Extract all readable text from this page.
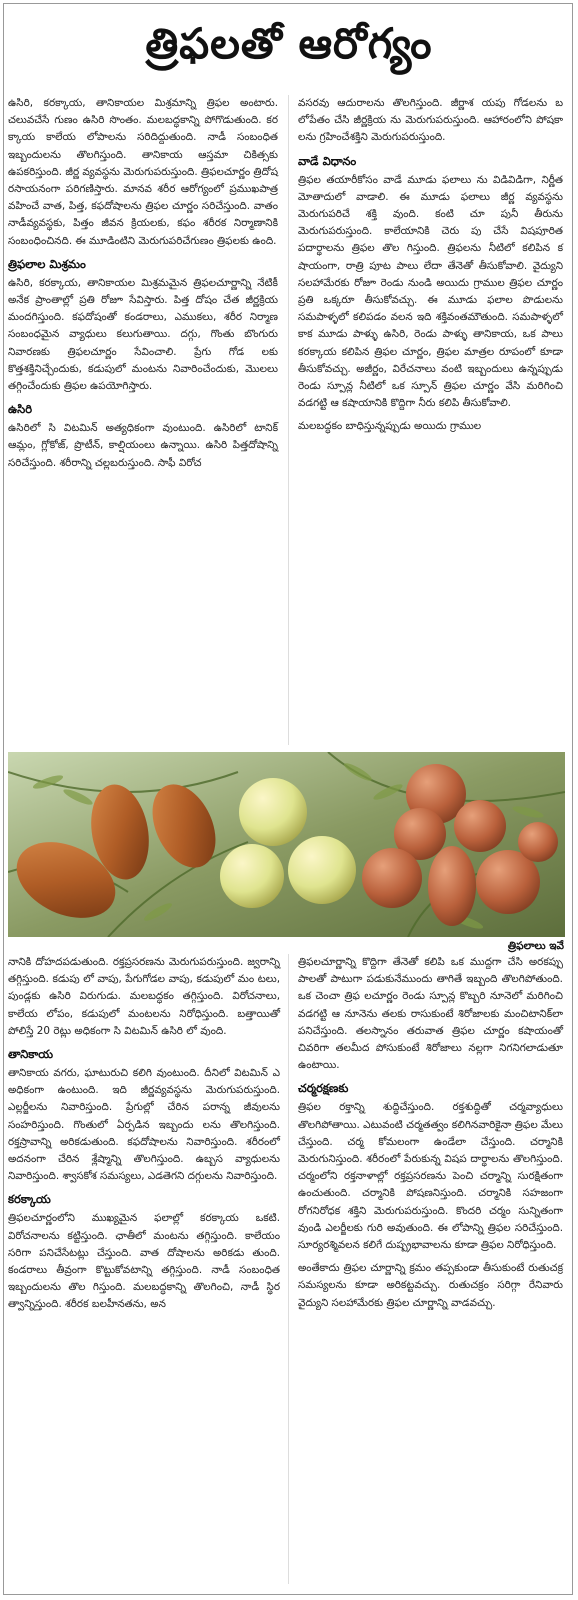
త్రిఫలతో ఆరోగ్యం

ఉసిరి, కరక్కాయ, తానికాయల మిశ్రమాన్ని త్రిఫల అంటారు. చలువచేసే గుణం ఉసిరి సొంతం. మలబద్ధకాన్ని పోగొడుతుంది. కర క్కాయ కాలేయ లోపాలను సరిదిద్దుతుంది. నాడీ సంబంధిత ఇబ్బందులను తొలగిస్తుంది. తానికాయ ఆస్తమా చికిత్సకు ఉపకరిస్తుంది. జీర్ణ వ్యవస్థను మెరుగుపరుస్తుంది. త్రిఫలచూర్ణం త్రిదోష రసాయనంగా పరిగణిస్తారు. మానవ శరీర ఆరోగ్యంలో ప్రముఖపాత్ర వహించే వాత, పిత్త, కఫదోషాలను త్రిఫల చూర్ణం సరిచేస్తుంది. వాతం నాడీవ్యవస్థకు, పిత్తం జీవన క్రియలకు, కఫం శరీరక నిర్మాణానికి సంబంధించినది. ఈ మూడింటిని మెరుగుపరిచేగుణం త్రిఫలకు ఉంది.

త్రిఫలాల మిశ్రమం

ఉసిరి, కరక్కాయ, తానికాయల మిశ్రమమైన త్రిఫలచూర్ణాన్ని నేటికీ అనేక ప్రాంతాల్లో ప్రతి రోజూ సేవిస్తారు. పిత్త దోషం చేత జీర్ణక్రియ మందగిస్తుంది. కఫదోషంతో కండరాలు, ఎముకలు, శరీర నిర్మాణ సంబంధమైన వ్యాధులు కలుగుతాయి. దగ్గు, గొంతు బొంగురు నివారణకు త్రిఫలచూర్ణం సేవించాలి. ప్రేగు గోడ లకు కొత్తశక్తినిచ్చేందుకు, కడుపులో మంటను నివారించేందుకు, మొలలు తగ్గించేందుకు త్రిఫల ఉపయోగిస్తారు.

ఉసిరి

ఉసిరిలో సి విటమిన్ అత్యధికంగా వుంటుంది. ఉసిరిలో టానిక్ ఆమ్లం, గ్లోకోజ్, ప్రొటీన్, కాల్షియంలు ఉన్నాయి. ఉసిరి పిత్తదోషాన్ని సరిచేస్తుంది. శరీరాన్ని చల్లబరుస్తుంది. సాఫీ విరోచ

వసరవు ఆదురాలను తొలగిస్తుంది. జీర్ణాశ యపు గోడలను బ లోపేతం చేసి జీర్ణక్రియ ను మెరుగుపరుస్తుంది. ఆహారంలోని పోషకా లను గ్రహించేశక్తిని మెరుగుపరుస్తుంది.

వాడే విధానం

త్రిఫల తయారీకోసం వాడే మూడు ఫలాలు ను విడివిడిగా, నిర్ణీత మోతాదులో వాడాలి. ఈ మూడు ఫలాలు జీర్ణ వ్యవస్థను మెరుగుపరిచే శక్తి వుంది. కంటి చూ పునీ తీరును మెరుగుపరుస్తుంది. కాలేయానికి చెరు పు చేసే విషపూరిత పదార్థాలను త్రిఫల తొల గిస్తుంది. త్రిఫలను నీటిలో కలిపిన క షాయంగా, రాత్రి పూట పాలు లేదా తేనెతో తీసుకోవాలి. వైద్యుని సలహామేరకు రోజూ రెండు నుండి అయిదు గ్రాముల త్రిఫల చూర్ణం ప్రతి ఒక్కరూ తీసుకోవచ్చు. ఈ మూడు ఫలాల పొడులను సమపాళ్ళలో కలిపడం వలన ఇది శక్తివంతమౌతుంది. సమపాళ్ళలో కాక మూడు పాళ్ళు ఉసిరి, రెండు పాళ్ళు తానికాయ, ఒక పాలు కరక్కాయ కలిపిన త్రిఫల చూర్ణం, త్రిఫల మాత్రల రూపంలో కూడా తీసుకోవచ్చు. అజీర్ణం, విరేచనాలు వంటి ఇబ్బందులు ఉన్నప్పుడు రెండు స్పూన్ల నీటిలో ఒక స్పూన్ త్రిఫల చూర్ణం వేసి మరిగించి వడగట్టి ఆ కషాయానికి కొద్దిగా నీరు కలిపి తీసుకోవాలి.

మలబద్ధకం బాధిస్తున్నప్పుడు అయిదు గ్రాముల

త్రిఫలాలు ఇవే

నానికి దోహదపడుతుంది. రక్తప్రసరణను మెరుగుపరుస్తుంది. జ్వరాన్ని తగ్గిస్తుంది. కడుపు లో వాపు, పేగుగోడల వాపు, కడుపులో మం టలు, పుండ్లకు ఉసిరి విరుగుడు. మలబద్ధకం తగ్గిస్తుంది. విరోచనాలు, కాలేయ లోపం, కడుపులో మంటలను నిరోధిస్తుంది. బత్తాయితో పోలిస్తే 20 రెట్లు అధికంగా సి విటమిన్ ఉసిరి లో వుంది.

తానికాయ

తానికాయ వగరు, ఘాటురుచి కలిగి వుంటుంది. దీనిలో విటమిన్ ఎ అధికంగా ఉంటుంది. ఇది జీర్ణవ్యవస్థను మెరుగుపరుస్తుంది. ఎల్లర్జీలను నివారిస్తుంది. ప్రేగుల్లో చేరిన పరాన్న జీవులను సంహరిస్తుంది. గొంతులో ఏర్పడిన ఇబ్బందు లను తొలగిస్తుంది. రక్తస్రావాన్ని అరికడుతుంది. కఫదోషాలను నివారిస్తుంది. శరీరంలో అదనంగా చేరిన శ్లేష్మాన్ని తొలగిస్తుంది. ఉబ్బస వ్యాధులను నివారిస్తుంది. శ్వాసకోశ సమస్యలు, ఎడతెగని దగ్గులను నివారిస్తుంది.

కరక్కాయ

త్రిఫలచూర్ణంలోని ముఖ్యమైన ఫలాల్లో కరక్కాయ ఒకటి. విరోచనాలను కట్టిస్తుంది. ఛాతీలో మంటను తగ్గిస్తుంది. కాలేయం సరిగా పనిచేసేటట్లు చేస్తుంది. వాత దోషాలను అరికడు తుంది. కండరాలు తీవ్రంగా కొట్టుకోవటాన్ని తగ్గిస్తుంది. నాడీ సంబంధిత ఇబ్బందులను తొల గిస్తుంది. మలబద్ధకాన్ని తొలగించి, నాడీ స్థిర త్వాన్నిస్తుంది. శరీరక బలహీనతను, అన

త్రిఫలచూర్ణాన్ని కొద్దిగా తేనెతో కలిపి ఒక ముద్దగా చేసి అరకప్పు పాలతో పాటుగా పడుకునేముందు తాగితే ఇబ్బంది తొలగిపోతుంది. ఒక చెంచా త్రిఫ లచూర్ణం రెండు స్పూన్ల కొబ్బరి నూనెలో మరిగించి వడగట్టి ఆ నూనెను తలకు రాసుకుంటే శిరోజాలకు మంచిటానిక్‌లా పనిచేస్తుంది. తలస్నానం తరువాత త్రిఫల చూర్ణం కషాయంతో చివరిగా తలమీద పోసుకుంటే శిరోజాలు నల్లగా నిగనిగలాడుతూ ఉంటాయి.

చర్మరక్షణకు

త్రిఫల రక్తాన్ని శుద్ధిచేస్తుంది. రక్తశుద్ధితో చర్మవ్యాధులు తొలగిపోతాయి. ఎటువంటి చర్మతత్వం కలిగినవారికైనా త్రిఫల మేలు చేస్తుంది. చర్మ కోమలంగా ఉండేలా చేస్తుంది. చర్మానికి మెరుగునిస్తుంది. శరీరంలో పేరుకున్న విషప దార్థాలను తొలగిస్తుంది. చర్మంలోని రక్తనాళాల్లో రక్తప్రసరణను పెంచి చర్మాన్ని సురక్షితంగా ఉంచుతుంది. చర్మానికి పోషణనిస్తుంది. చర్మానికి సహజంగా రోగనిరోధక శక్తిని మెరుగుపరుస్తుంది. కొందరి చర్మం సున్నితంగా వుండి ఎలర్జీలకు గురి అవుతుంది. ఈ లోపాన్ని త్రిఫల సరిచేస్తుంది. సూర్యరశ్మివలన కలిగే దుష్ప్రభావాలను కూడా త్రిఫల నిరోధిస్తుంది.

అంతేకాదు త్రిఫల చూర్ణాన్ని క్రమం తప్పకుండా తీసుకుంటే రుతుచక్ర సమస్యలను కూడా అరికట్టవచ్చు. రుతుచక్రం సరిగ్గా రేనివారు వైద్యుని సలహామేరకు త్రిఫల చూర్ణాన్ని వాడవచ్చు.
